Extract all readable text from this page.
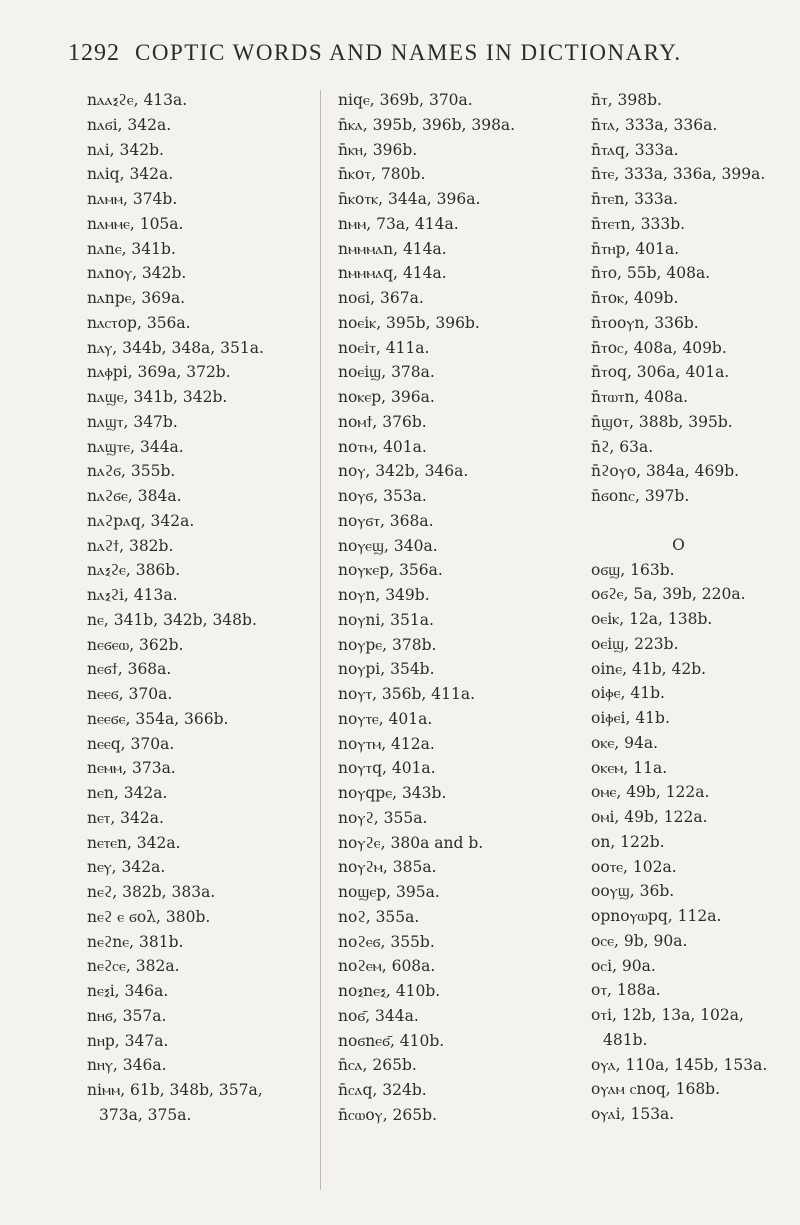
1292 COPTIC WORDS AND NAMES IN DICTIONARY.
nⲁⲁⲝϩⲉ, 413a.
nⲁϭi, 342a.
nⲁi, 342b.
nⲁiq, 342a.
nⲁⲙⲙ, 374b.
nⲁⲙⲙⲉ, 105a.
nⲁnⲉ, 341b.
nⲁnoⲩ, 342b.
nⲁnpⲉ, 369a.
nⲁⲥⲧop, 356a.
nⲁⲩ, 344b, 348a, 351a.
nⲁⲫpi, 369a, 372b.
nⲁϣⲉ, 341b, 342b.
nⲁϣⲧ, 347b.
nⲁϣⲧⲉ, 344a.
nⲁϩϭ, 355b.
nⲁϩϭⲉ, 384a.
nⲁϩpⲁq, 342a.
nⲁϩϯ, 382b.
nⲁⲝϩⲉ, 386b.
nⲁⲝϩi, 413a.
nⲉ, 341b, 342b, 348b.
nⲉϭⲉⲱ, 362b.
nⲉϭϯ, 368a.
nⲉⲉϭ, 370a.
nⲉⲉϭⲉ, 354a, 366b.
nⲉⲉq, 370a.
nⲉⲙⲙ, 373a.
nⲉn, 342a.
nⲉⲧ, 342a.
nⲉⲧⲉn, 342a.
nⲉⲩ, 342a.
nⲉϩ, 382b, 383a.
nⲉϩ ⲉ ϭoλ, 380b.
nⲉϩnⲉ, 381b.
nⲉϩⲥⲉ, 382a.
nⲉⲝi, 346a.
nⲏϭ, 357a.
nⲏp, 347a.
nⲏⲩ, 346a.
niⲙⲙ, 61b, 348b, 357a,
373a, 375a.
niqⲉ, 369b, 370a.
n̄ⲕⲁ, 395b, 396b, 398a.
n̄ⲕⲏ, 396b.
n̄ⲕoⲧ, 780b.
n̄ⲕoⲧⲕ, 344a, 396a.
nⲙⲙ, 73a, 414a.
nⲙⲙⲙⲁn, 414a.
nⲙⲙⲙⲁq, 414a.
noϭi, 367a.
noⲉiⲕ, 395b, 396b.
noⲉiⲧ, 411a.
noⲉiϣ, 378a.
noⲕⲉp, 396a.
noⲙϯ, 376b.
noⲧⲙ, 401a.
noⲩ, 342b, 346a.
noⲩϭ, 353a.
noⲩϭⲧ, 368a.
noⲩⲉϣ, 340a.
noⲩⲕⲉp, 356a.
noⲩn, 349b.
noⲩni, 351a.
noⲩpⲉ, 378b.
noⲩpi, 354b.
noⲩⲧ, 356b, 411a.
noⲩⲧⲉ, 401a.
noⲩⲧⲙ, 412a.
noⲩⲧq, 401a.
noⲩqpⲉ, 343b.
noⲩϩ, 355a.
noⲩϩⲉ, 380a and b.
noⲩϩⲙ, 385a.
noϣⲉp, 395a.
noϩ, 355a.
noϩⲉϭ, 355b.
noϩⲉⲙ, 608a.
noⲝnⲉⲝ, 410b.
noϭ̄, 344a.
noϭnⲉϭ̄, 410b.
n̄ⲥⲁ, 265b.
n̄ⲥⲁq, 324b.
n̄ⲥⲱoⲩ, 265b.
n̄ⲧ, 398b.
n̄ⲧⲁ, 333a, 336a.
n̄ⲧⲁq, 333a.
n̄ⲧⲉ, 333a, 336a, 399a.
n̄ⲧⲉn, 333a.
n̄ⲧⲉⲧn, 333b.
n̄ⲧⲏp, 401a.
n̄ⲧo, 55b, 408a.
n̄ⲧoⲕ, 409b.
n̄ⲧooⲩn, 336b.
n̄ⲧoⲥ, 408a, 409b.
n̄ⲧoq, 306a, 401a.
n̄ⲧⲱⲧn, 408a.
n̄ϣoⲧ, 388b, 395b.
n̄ϩ, 63a.
n̄ϩoⲩo, 384a, 469b.
n̄ϭonⲥ, 397b.
O
oϭϣ, 163b.
oϭϩⲉ, 5a, 39b, 220a.
oⲉiⲕ, 12a, 138b.
oⲉiϣ, 223b.
oinⲉ, 41b, 42b.
oiⲫⲉ, 41b.
oiⲫⲉi, 41b.
oⲕⲉ, 94a.
oⲕⲉⲙ, 11a.
oⲙⲉ, 49b, 122a.
oⲙi, 49b, 122a.
on, 122b.
ooⲧⲉ, 102a.
ooⲩϣ, 36b.
opnoⲩⲱpq, 112a.
oⲥⲉ, 9b, 90a.
oⲥi, 90a.
oⲧ, 188a.
oⲧi, 12b, 13a, 102a,
481b.
oⲩⲁ, 110a, 145b, 153a.
oⲩⲁⲙ ⲥnoq, 168b.
oⲩⲁi, 153a.
